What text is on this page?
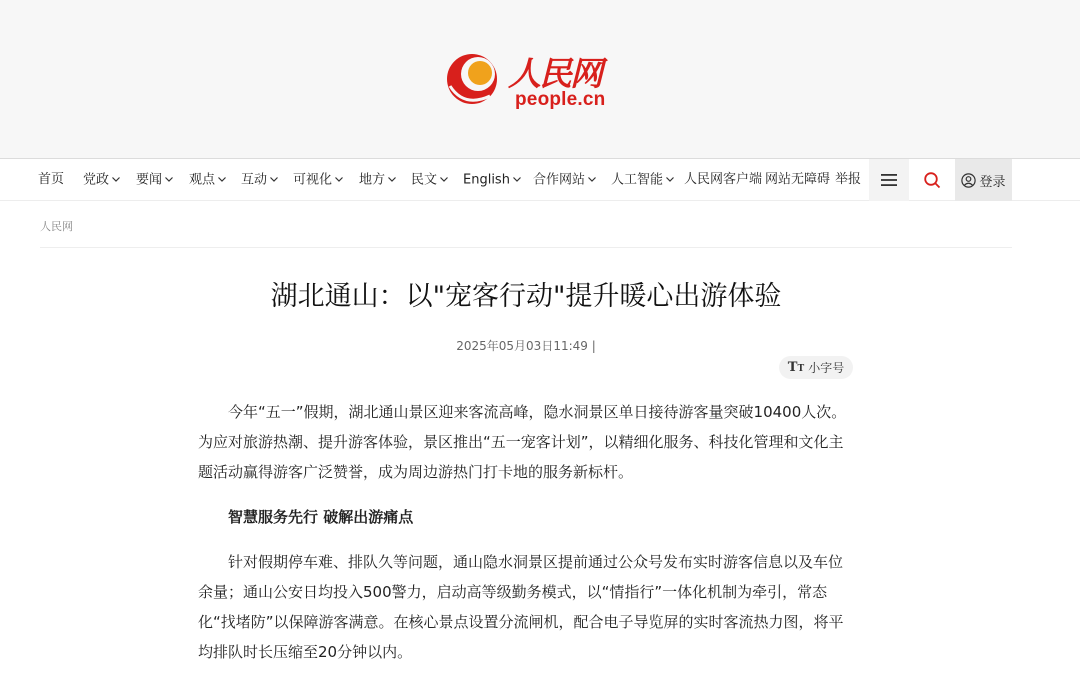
人民网
people.cn
首页 党政	要闻	观点	互动	可视化	地方	民文	English	合作网站	人工智能	人民网客户端 网站无障碍 举报	登录
人民网
湖北通山：以"宠客行动"提升暖心出游体验
2025年05月03日11:49 |
TT 小字号

今年“五一”假期，湖北通山景区迎来客流高峰，隐水洞景区单日接待游客量突破10400人次。为应对旅游热潮、提升游客体验，景区推出“五一宠客计划”，以精细化服务、科技化管理和文化主题活动赢得游客广泛赞誉，成为周边游热门打卡地的服务新标杆。

智慧服务先行 破解出游痛点

针对假期停车难、排队久等问题，通山隐水洞景区提前通过公众号发布实时游客信息以及车位余量；通山公安日均投入500警力，启动高等级勤务模式，以“情指行”一体化机制为牵引，常态化“找堵防”以保障游客满意。在核心景点设置分流闸机，配合电子导览屏的实时客流热力图，将平均排队时长压缩至20分钟以内。
